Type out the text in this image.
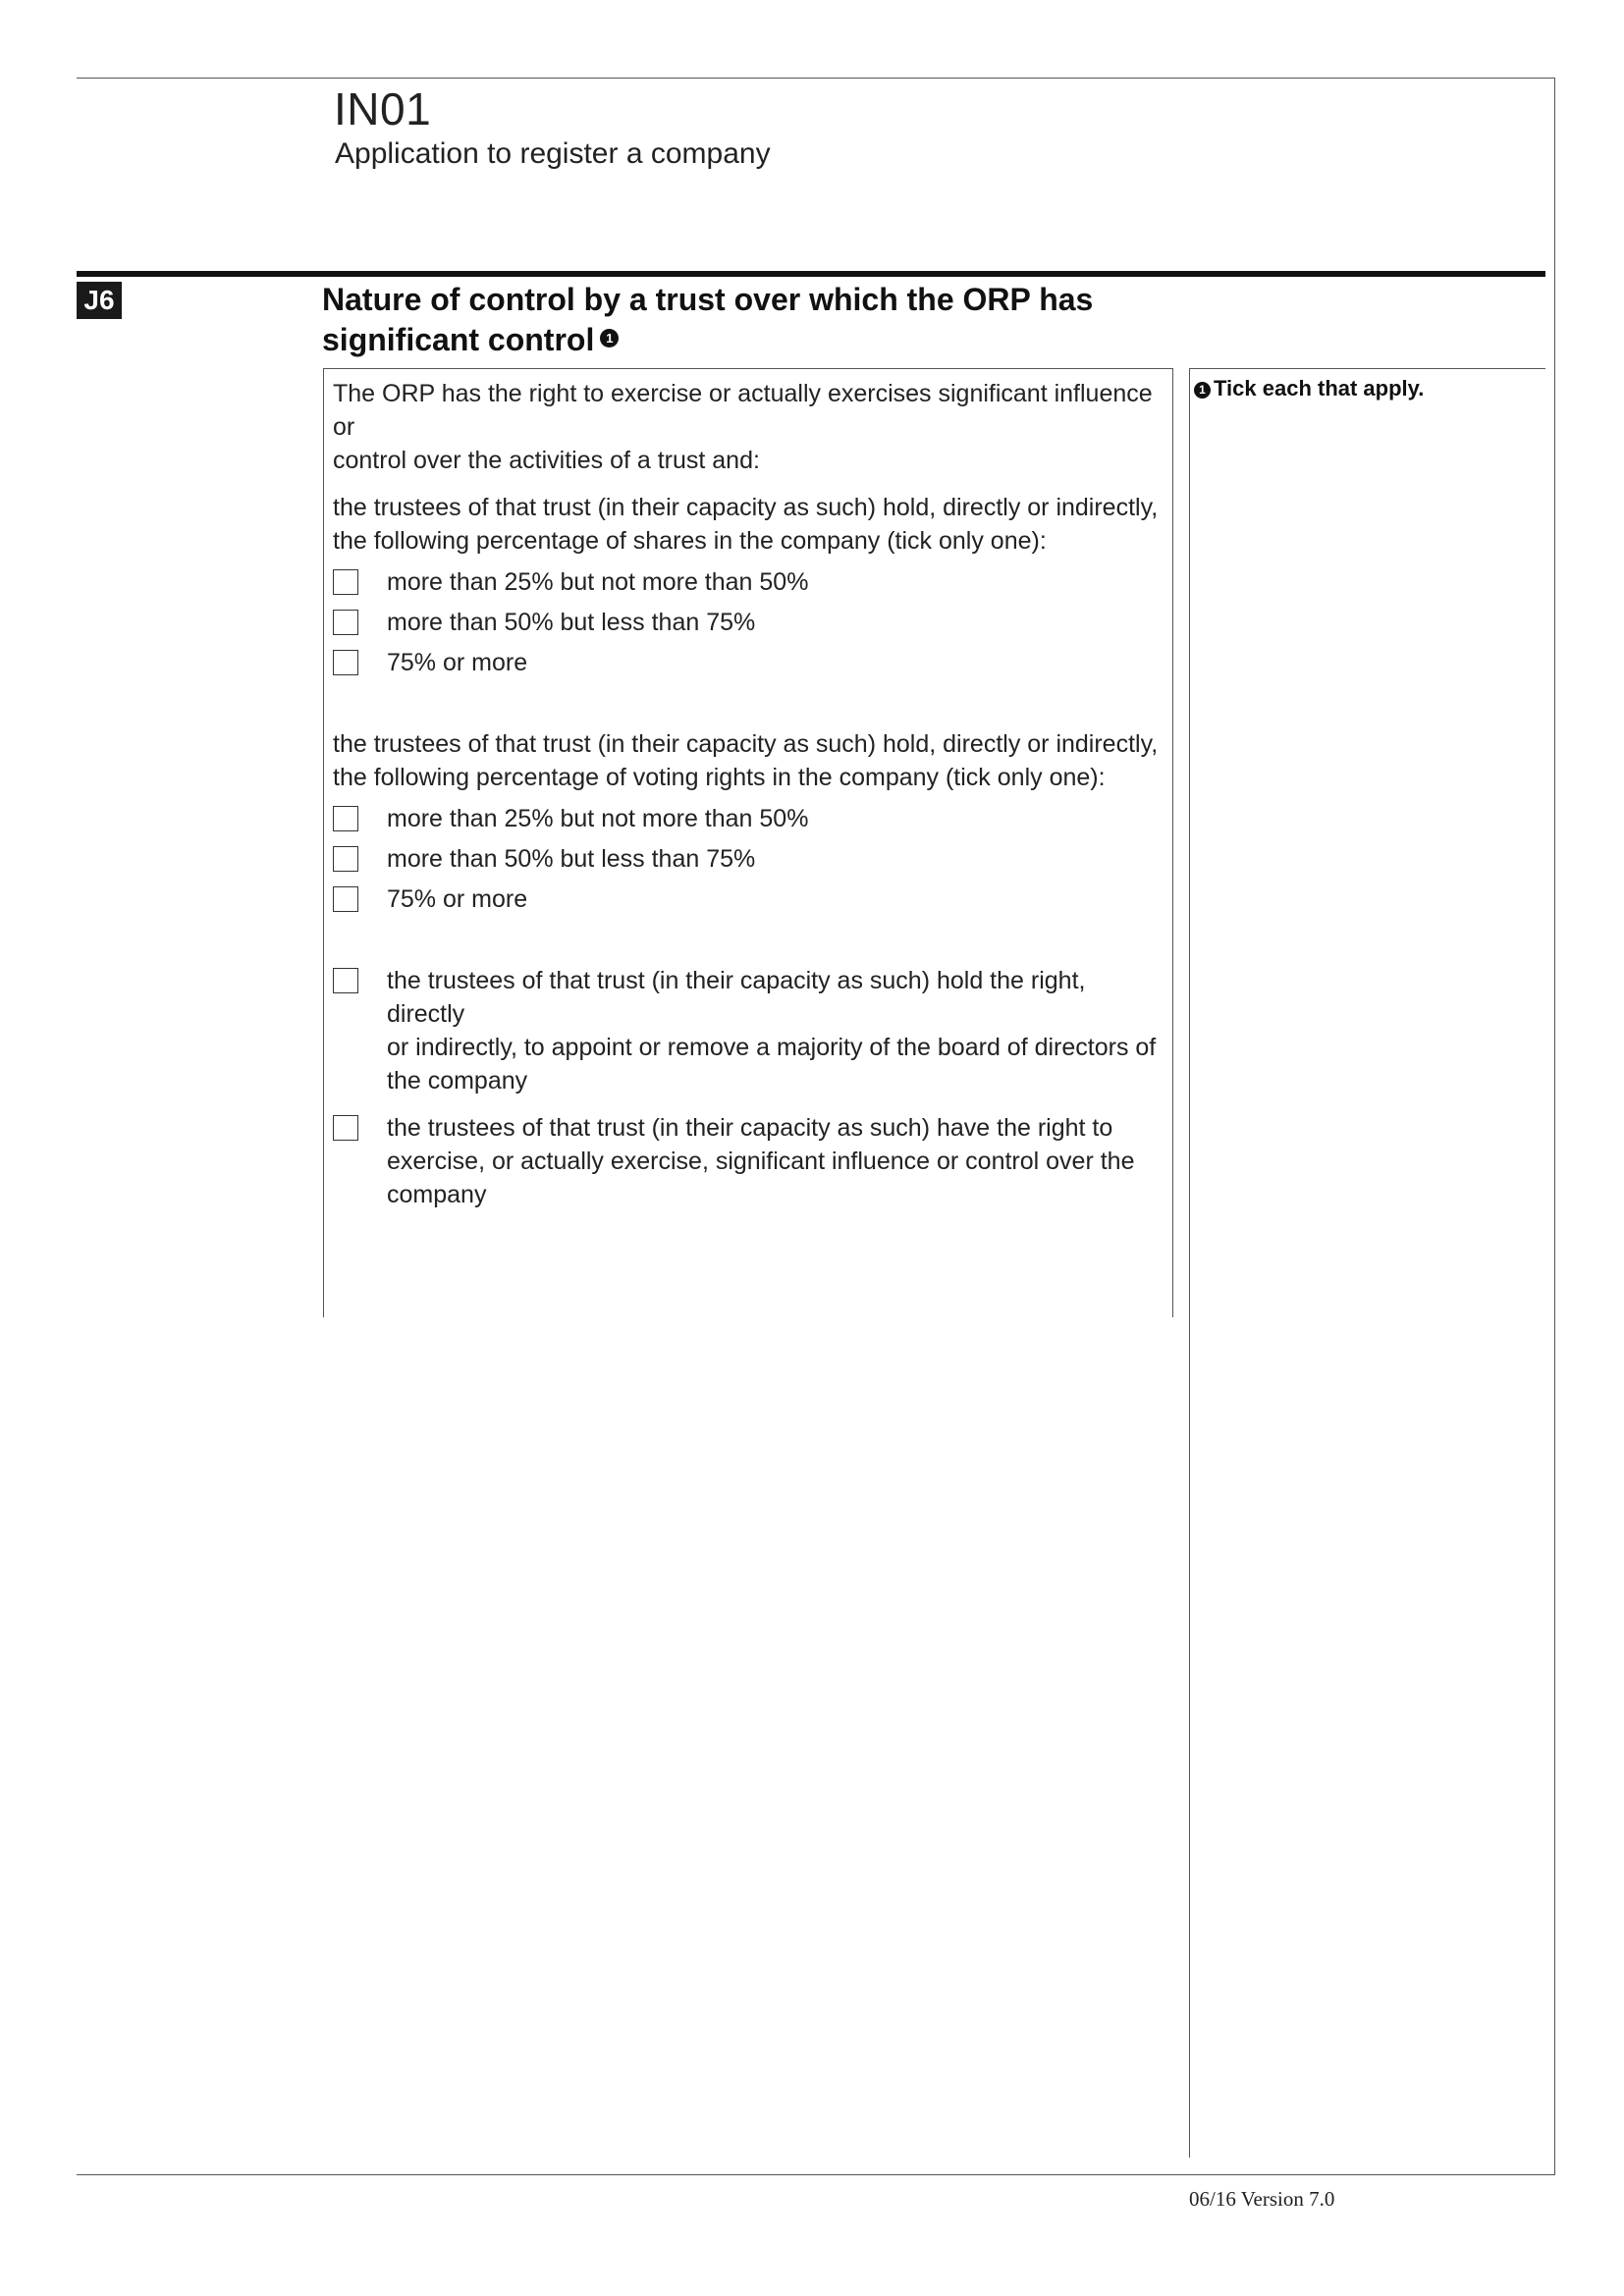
IN01
Application to register a company
J6	Nature of control by a trust over which the ORP has
significant control 1
The ORP has the right to exercise or actually exercises significant influence or
control over the activities of a trust and:
the trustees of that trust (in their capacity as such) hold, directly or indirectly,
the following percentage of shares in the company (tick only one):
more than 25% but not more than 50%
more than 50% but less than 75%
75% or more
the trustees of that trust (in their capacity as such) hold, directly or indirectly,
the following percentage of voting rights in the company (tick only one):
more than 25% but not more than 50%
more than 50% but less than 75%
75% or more
the trustees of that trust (in their capacity as such) hold the right, directly
or indirectly, to appoint or remove a majority of the board of directors of
the company
the trustees of that trust (in their capacity as such) have the right to
exercise, or actually exercise, significant influence or control over the
company
1 Tick each that apply.
06/16 Version 7.0
